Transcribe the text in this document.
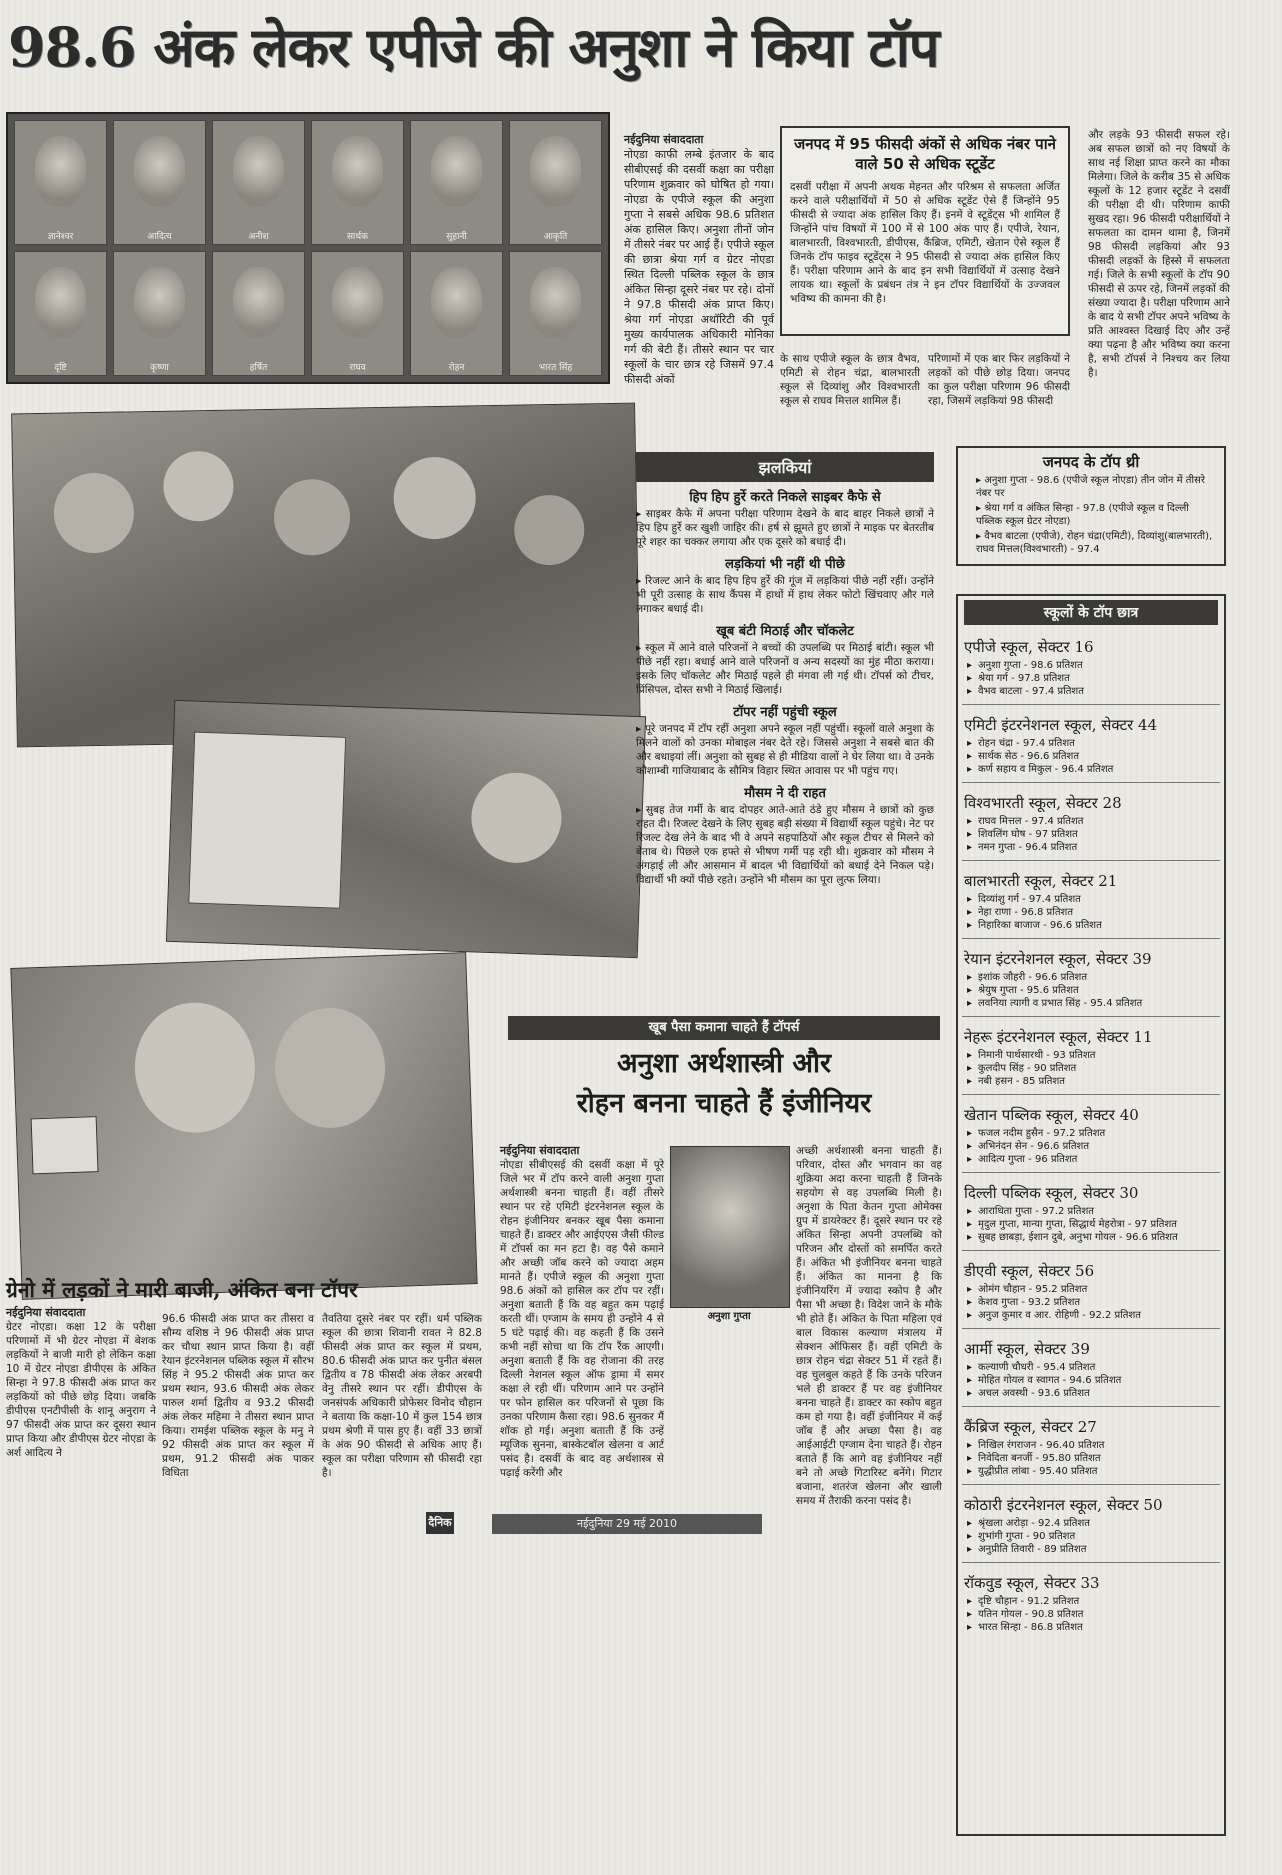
98.6 अंक लेकर एपीजे की अनुशा ने किया टॉप
ज्ञानेश्वर	आदित्य	अनीश	सार्थक	सुहानी	आकृति
दृष्टि	कृष्णा	हर्षित	राघव	रोहन	भारत सिंह
नईदुनिया संवाददाता
नोएडा काफी लम्बे इंतजार के बाद सीबीएसई की दसवीं कक्षा का परीक्षा परिणाम शुक्रवार को घोषित हो गया। नोएडा के एपीजे स्कूल की अनुशा गुप्ता ने सबसे अधिक 98.6 प्रतिशत अंक हासिल किए। अनुशा तीनों जोन में तीसरे नंबर पर आई हैं। एपीजे स्कूल की छात्रा श्रेया गर्ग व ग्रेटर नोएडा स्थित दिल्ली पब्लिक स्कूल के छात्र अंकित सिन्हा दूसरे नंबर पर रहे। दोनों ने 97.8 फीसदी अंक प्राप्त किए। श्रेया गर्ग नोएडा अथॉरिटी की पूर्व मुख्य कार्यपालक अधिकारी मोनिका गर्ग की बेटी हैं। तीसरे स्थान पर चार स्कूलों के चार छात्र रहे जिसमें 97.4 फीसदी अंकों
जनपद में 95 फीसदी अंकों से अधिक नंबर पाने वाले 50 से अधिक स्टूडेंट
दसवीं परीक्षा में अपनी अथक मेहनत और परिश्रम से सफलता अर्जित करने वाले परीक्षार्थियों में 50 से अधिक स्टूडेंट ऐसे हैं जिन्होंने 95 फीसदी से ज्यादा अंक हासिल किए हैं। इनमें वे स्टूडेंट्स भी शामिल हैं जिन्होंने पांच विषयों में 100 में से 100 अंक पाए हैं। एपीजे, रेयान, बालभारती, विश्वभारती, डीपीएस, कैंब्रिज, एमिटी, खेतान ऐसे स्कूल हैं जिनके टॉप फाइव स्टूडेंट्स ने 95 फीसदी से ज्यादा अंक हासिल किए हैं। परीक्षा परिणाम आने के बाद इन सभी विद्यार्थियों में उत्साह देखने लायक था। स्कूलों के प्रबंधन तंत्र ने इन टॉपर विद्यार्थियों के उज्जवल भविष्य की कामना की है।
के साथ एपीजे स्कूल के छात्र वैभव, एमिटी से रोहन चंद्रा, बालभारती स्कूल से दिव्यांशु और विश्वभारती स्कूल से राघव मित्तल शामिल हैं।
परिणामों में एक बार फिर लड़कियों ने लड़कों को पीछे छोड़ दिया। जनपद का कुल परीक्षा परिणाम 96 फीसदी रहा, जिसमें लड़कियां 98 फीसदी
और लड़के 93 फीसदी सफल रहे। अब सफल छात्रों को नए विषयों के साथ नई शिक्षा प्राप्त करने का मौका मिलेगा। जिले के करीब 35 से अधिक स्कूलों के 12 हजार स्टूडेंट ने दसवीं की परीक्षा दी थी। परिणाम काफी सुखद रहा। 96 फीसदी परीक्षार्थियों ने सफलता का दामन थामा है, जिनमें 98 फीसदी लड़कियां और 93 फीसदी लड़कों के हिस्से में सफलता गई। जिले के सभी स्कूलों के टॉप 90 फीसदी से ऊपर रहे, जिनमें लड़कों की संख्या ज्यादा है। परीक्षा परिणाम आने के बाद ये सभी टॉपर अपने भविष्य के प्रति आश्वस्त दिखाई दिए और उन्हें क्या पढ़ना है और भविष्य क्या करना है, सभी टॉपर्स ने निश्चय कर लिया है।
झलकियां
हिप हिप हुर्रे करते निकले साइबर कैफे से
▸ साइबर कैफे में अपना परीक्षा परिणाम देखने के बाद बाहर निकले छात्रों ने हिप हिप हुर्रे कर खुशी जाहिर की। हर्ष से झूमते हुए छात्रों ने माइक पर बेतरतीब पूरे शहर का चक्कर लगाया और एक दूसरे को बधाई दी।
लड़कियां भी नहीं थी पीछे
▸ रिजल्ट आने के बाद हिप हिप हुर्रे की गूंज में लड़कियां पीछे नहीं रहीं। उन्होंने भी पूरी उत्साह के साथ कैंपस में हाथों में हाथ लेकर फोटो खिंचवाए और गले लगाकर बधाई दी।
खूब बंटी मिठाई और चॉकलेट
▸ स्कूल में आने वाले परिजनों ने बच्चों की उपलब्धि पर मिठाई बांटी। स्कूल भी पीछे नहीं रहा। बधाई आने वाले परिजनों व अन्य सदस्यों का मुंह मीठा कराया। इसके लिए चॉकलेट और मिठाई पहले ही मंगवा ली गई थी। टॉपर्स को टीचर, प्रिंसिपल, दोस्त सभी ने मिठाई खिलाई।
टॉपर नहीं पहुंची स्कूल
▸ पूरे जनपद में टॉप रहीं अनुशा अपने स्कूल नहीं पहुंचीं। स्कूलों वाले अनुशा के मिलने वालों को उनका मोबाइल नंबर देते रहे। जिससे अनुशा ने सबसे बात की और बधाइयां लीं। अनुशा को सुबह से ही मीडिया वालों ने घेर लिया था। वे उनके कौशाम्बी गाजियाबाद के सौमित्र विहार स्थित आवास पर भी पहुंच गए।
मौसम ने दी राहत
▸ सुबह तेज गर्मी के बाद दोपहर आते-आते ठंडे हुए मौसम ने छात्रों को कुछ राहत दी। रिजल्ट देखने के लिए सुबह बड़ी संख्या में विद्यार्थी स्कूल पहुंचे। नेट पर रिजल्ट देख लेने के बाद भी वे अपने सहपाठियों और स्कूल टीचर से मिलने को बेताब थे। पिछले एक हफ्ते से भीषण गर्मी पड़ रही थी। शुक्रवार को मौसम ने अंगड़ाई ली और आसमान में बादल भी विद्यार्थियों को बधाई देने निकल पड़े। विद्यार्थी भी क्यों पीछे रहते। उन्होंने भी मौसम का पूरा लुत्फ लिया।
जनपद के टॉप थ्री
▸ अनुशा गुप्ता - 98.6 (एपीजे स्कूल नोएडा) तीन जोन में तीसरे नंबर पर
▸ श्रेया गर्ग व अंकित सिन्हा - 97.8 (एपीजे स्कूल व दिल्ली पब्लिक स्कूल ग्रेटर नोएडा)
▸ वैभव बाटला (एपीजे), रोहन चंद्रा(एमिटी), दिव्यांशु(बालभारती), राघव मित्तल(विश्वभारती) - 97.4
स्कूलों के टॉप छात्र
एपीजे स्कूल, सेक्टर 16
▸ अनुशा गुप्ता - 98.6 प्रतिशत
▸ श्रेया गर्ग - 97.8 प्रतिशत
▸ वैभव बाटला - 97.4 प्रतिशत
एमिटी इंटरनेशनल स्कूल, सेक्टर 44
▸ रोहन चंद्रा - 97.4 प्रतिशत
▸ सार्थक सेठ - 96.6 प्रतिशत
▸ कर्ण सहाय व मिकुल - 96.4 प्रतिशत
विश्वभारती स्कूल, सेक्टर 28
▸ राघव मित्तल - 97.4 प्रतिशत
▸ शिवलिंग घोष - 97 प्रतिशत
▸ नमन गुप्ता - 96.4 प्रतिशत
बालभारती स्कूल, सेक्टर 21
▸ दिव्यांशु गर्ग - 97.4 प्रतिशत
▸ नेहा राणा - 96.8 प्रतिशत
▸ निहारिका बाजाज - 96.6 प्रतिशत
रेयान इंटरनेशनल स्कूल, सेक्टर 39
▸ इशांक जौहरी - 96.6 प्रतिशत
▸ श्रेयुष गुप्ता - 95.6 प्रतिशत
▸ लवनिया त्यागी व प्रभात सिंह - 95.4 प्रतिशत
नेहरू इंटरनेशनल स्कूल, सेक्टर 11
▸ निमानी पार्थसारथी - 93 प्रतिशत
▸ कुलदीप सिंह - 90 प्रतिशत
▸ नबी हसन - 85 प्रतिशत
खेतान पब्लिक स्कूल, सेक्टर 40
▸ फजल नदीम हुसैन - 97.2 प्रतिशत
▸ अभिनंदन सेन - 96.6 प्रतिशत
▸ आदित्य गुप्ता - 96 प्रतिशत
दिल्ली पब्लिक स्कूल, सेक्टर 30
▸ आराधिता गुप्ता - 97.2 प्रतिशत
▸ मृदुल गुप्ता, मान्या गुप्ता, सिद्धार्थ मेहरोत्रा - 97 प्रतिशत
▸ सुबह छाबड़ा, ईशान दुबे, अनुभा गोयल - 96.6 प्रतिशत
डीएवी स्कूल, सेक्टर 56
▸ ओमंग चौहान - 95.2 प्रतिशत
▸ केशव गुप्ता - 93.2 प्रतिशत
▸ अनुज कुमार व आर. रोहिणी - 92.2 प्रतिशत
आर्मी स्कूल, सेक्टर 39
▸ कल्याणी चौधरी - 95.4 प्रतिशत
▸ मोहित गोयल व स्वागत - 94.6 प्रतिशत
▸ अचल अवस्थी - 93.6 प्रतिशत
कैंब्रिज स्कूल, सेक्टर 27
▸ निखिल रंगराजन - 96.40 प्रतिशत
▸ निवेदिता बनर्जी - 95.80 प्रतिशत
▸ युद्धीप्रीत लांबा - 95.40 प्रतिशत
कोठारी इंटरनेशनल स्कूल, सेक्टर 50
▸ श्रृंखला अरोड़ा - 92.4 प्रतिशत
▸ शुभांगी गुप्ता - 90 प्रतिशत
▸ अनुप्रीति तिवारी - 89 प्रतिशत
रॉकवुड स्कूल, सेक्टर 33
▸ दृष्टि चौहान - 91.2 प्रतिशत
▸ यतिन गोयल - 90.8 प्रतिशत
▸ भारत सिन्हा - 86.8 प्रतिशत
खूब पैसा कमाना चाहते हैं टॉपर्स
अनुशा अर्थशास्त्री और
रोहन बनना चाहते हैं इंजीनियर
नईदुनिया संवाददाता
नोएडा सीबीएसई की दसवीं कक्षा में पूरे जिले भर में टॉप करने वाली अनुशा गुप्ता अर्थशास्त्री बनना चाहती हैं। वहीं तीसरे स्थान पर रहे एमिटी इंटरनेशनल स्कूल के रोहन इंजीनियर बनकर खूब पैसा कमाना चाहते हैं। डाक्टर और आईएएस जैसी फील्ड में टॉपर्स का मन हटा है। वह पैसे कमाने और अच्छी जॉब करने को ज्यादा अहम मानते हैं। एपीजे स्कूल की अनुशा गुप्ता 98.6 अंकों को हासिल कर टॉप पर रहीं। अनुशा बताती हैं कि वह बहुत कम पढ़ाई करती थीं। एग्जाम के समय ही उन्होंने 4 से 5 घंटे पढ़ाई की। वह कहती हैं कि उसने कभी नहीं सोचा था कि टॉप रैंक आएगी। अनुशा बताती हैं कि वह रोजाना की तरह दिल्ली नेशनल स्कूल ऑफ ड्रामा में समर कक्षा ले रही थीं। परिणाम आने पर उन्होंने पर फोन हासिल कर परिजनों से पूछा कि उनका परिणाम कैसा रहा। 98.6 सुनकर मैं शॉक हो गई। अनुशा बताती हैं कि उन्हें म्यूजिक सुनना, बास्केटबॉल खेलना व आर्ट पसंद है। दसवीं के बाद वह अर्थशास्त्र से पढ़ाई करेंगी और
अनुशा गुप्ता
अच्छी अर्थशास्त्री बनना चाहती हैं। परिवार, दोस्त और भगवान का वह शुक्रिया अदा करना चाहती हैं जिनके सहयोग से वह उपलब्धि मिली है। अनुशा के पिता केतन गुप्ता ओमेक्स ग्रुप में डायरेक्टर हैं। दूसरे स्थान पर रहे अंकित सिन्हा अपनी उपलब्धि को परिजन और दोस्तों को समर्पित करते हैं। अंकित भी इंजीनियर बनना चाहते हैं। अंकित का मानना है कि इंजीनियरिंग में ज्यादा स्कोप है और पैसा भी अच्छा है। विदेश जाने के मौके भी होते हैं। अंकित के पिता महिला एवं बाल विकास कल्याण मंत्रालय में सेक्शन ऑफिसर हैं। वहीं एमिटी के छात्र रोहन चंद्रा सेक्टर 51 में रहते हैं। वह चुलबुल कहते हैं कि उनके परिजन भले ही डाक्टर हैं पर वह इंजीनियर बनना चाहते हैं। डाक्टर का स्कोप बहुत कम हो गया है। वहीं इंजीनियर में कई जॉब हैं और अच्छा पैसा है। वह आईआईटी एग्जाम देना चाहते हैं। रोहन बताते हैं कि आगे वह इंजीनियर नहीं बने तो अच्छे गिटारिस्ट बनेंगे। गिटार बजाना, शतरंज खेलना और खाली समय में तैराकी करना पसंद है।
ग्रेनो में लड़कों ने मारी बाजी, अंकित बना टॉपर
नईदुनिया संवाददाता
ग्रेटर नोएडा। कक्षा 12 के परीक्षा परिणामों में भी ग्रेटर नोएडा में बेशक लड़कियों ने बाजी मारी हो लेकिन कक्षा 10 में ग्रेटर नोएडा डीपीएस के अंकित सिन्हा ने 97.8 फीसदी अंक प्राप्त कर लड़कियों को पीछे छोड़ दिया। जबकि डीपीएस एनटीपीसी के शानू अनुराग ने 97 फीसदी अंक प्राप्त कर दूसरा स्थान प्राप्त किया और डीपीएस ग्रेटर नोएडा के अर्श आदित्य ने
96.6 फीसदी अंक प्राप्त कर तीसरा व सौम्य वशिष्ठ ने 96 फीसदी अंक प्राप्त कर चौथा स्थान प्राप्त किया है। वहीं रेयान इंटरनेशनल पब्लिक स्कूल में सौरभ सिंह ने 95.2 फीसदी अंक प्राप्त कर प्रथम स्थान, 93.6 फीसदी अंक लेकर पारुल शर्मा द्वितीय व 93.2 फीसदी अंक लेकर महिमा ने तीसरा स्थान प्राप्त किया। रामईश पब्लिक स्कूल के मनु ने 92 फीसदी अंक प्राप्त कर स्कूल में प्रथम, 91.2 फीसदी अंक पाकर विधिता
तैवतिया दूसरे नंबर पर रहीं। धर्म पब्लिक स्कूल की छात्रा शिवानी रावत ने 82.8 फीसदी अंक प्राप्त कर स्कूल में प्रथम, 80.6 फीसदी अंक प्राप्त कर पुनीत बंसल द्वितीय व 78 फीसदी अंक लेकर अरबपी वेनु तीसरे स्थान पर रहीं। डीपीएस के जनसंपर्क अधिकारी प्रोफेसर विनोद चौहान ने बताया कि कक्षा-10 में कुल 154 छात्र प्रथम श्रेणी में पास हुए हैं। वहीं 33 छात्रों के अंक 90 फीसदी से अधिक आए हैं। स्कूल का परीक्षा परिणाम सौ फीसदी रहा है।
दैनिक	नईदुनिया 29 मई 2010
